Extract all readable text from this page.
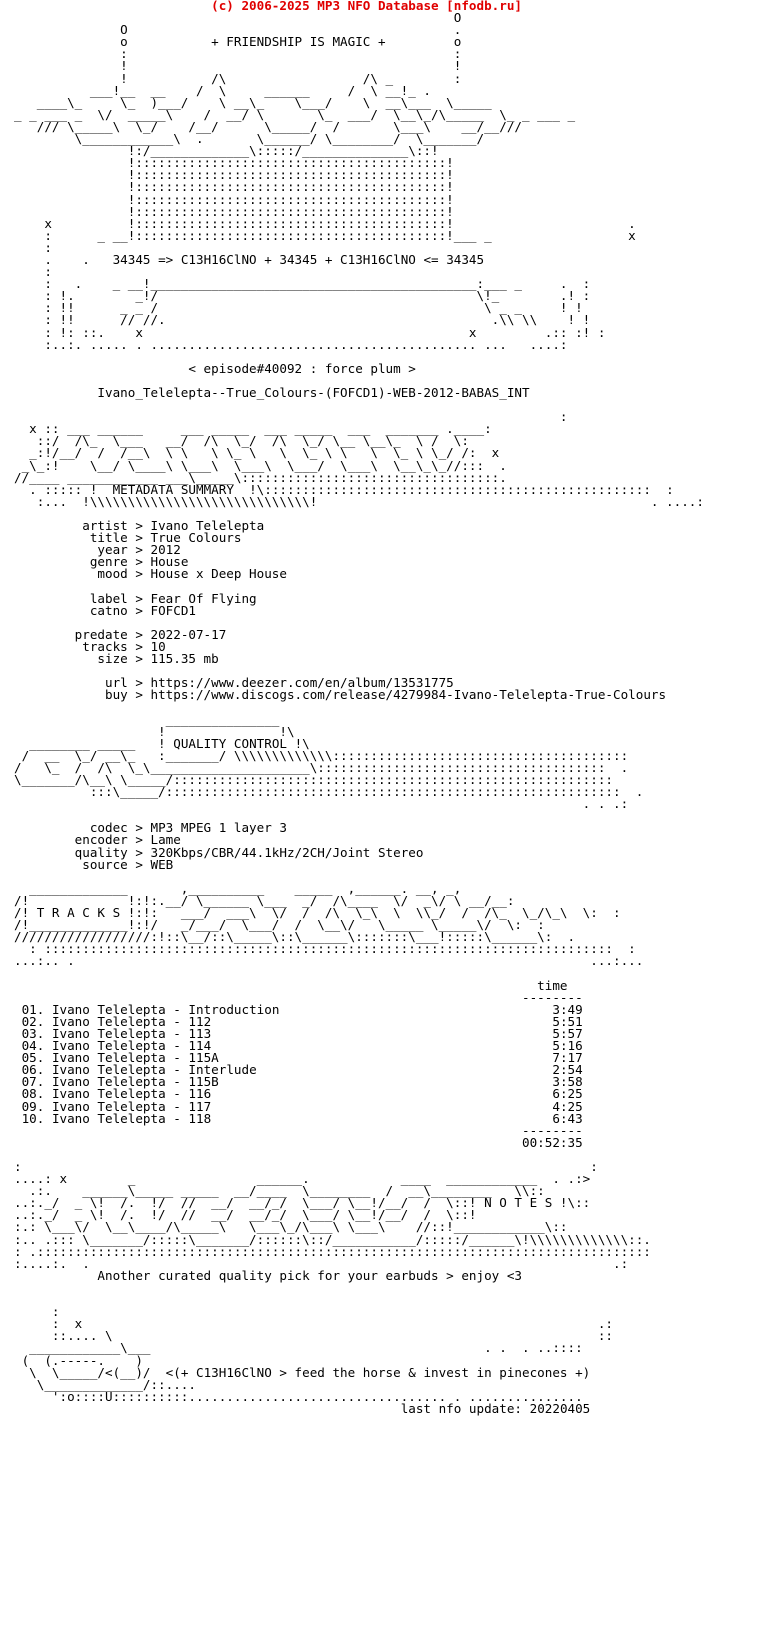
(c) 2006-2025 MP3 NFO Database [nfodb.ru]
O
O                                           .
o           + FRIENDSHIP IS MAGIC +         o
:                                           :
!                                           !
!           /\                  /\ _        :
___!__  __    /  \     ______     /  \ __!_ .
____\_     \_  )___/    \ __\_    \___/    \  __\___  \_____
_ _ ___ _  \/  _____\    /  __/ \       \_  ___/  \__\_/\_____  \_ _ ___ _
/// \_____\  \_/    /__/      \_____/  /       \___\    __/__///
\____________\  .       \______/ \________/  \_______/
!:/_____________\:::::/______________\::!
!:::::::::::::::::::::::::::::::::::::::::!
!:::::::::::::::::::::::::::::::::::::::::!
!:::::::::::::::::::::::::::::::::::::::::!
!:::::::::::::::::::::::::::::::::::::::::!
!:::::::::::::::::::::::::::::::::::::::::!
x          !:::::::::::::::::::::::::::::::::::::::::!                       .
:      _ __!:::::::::::::::::::::::::::::::::::::::::!___ _                  x
:
.    .   34345 => C13H16ClNO + 34345 + C13H16ClNO <= 34345
:
:   .    _ __!___________________________________________:___ _     .  :
: !.        _!/                                          \!_        .! :
: !!      _ _ /                                           \ _ _     ! !
: !!      // //.                                           .\\ \\    ! !
: !: ::.    x                                           x         .:: :! :
:..:. ..... . ........................................... ...   ....:

< episode#40092 : force plum >

Ivano_Telelepta--True_Colours-(FOFCD1)-WEB-2012-BABAS_INT

:
x :: ___ ______     ___ _____  ___ _____  ___  _______ .____:
::/  /\_  \___   __/  /\  \_/  /\  \_/ \__ \__\_  \ /  \:
_:!/__/  /  /__\  \ \   \ \_ \   \  \_ \ \   \  \_ \ \_/ /:  x
_\_:!    \__/ \____\ \___\  \___\  \___/  \___\  \__\_\_//:::  .
//____ ____________ ___\_____\::::::::::::::::::::::::::::::::::.
. ::::: !  METADATA SUMMARY  !\:::::::::::::::::::::::::::::::::::::::::::::::::::  :
:...  !\\\\\\\\\\\\\\\\\\\\\\\\\\\\\!                                            . ....:

artist > Ivano Telelepta
title > True Colours
year > 2012
genre > House
mood > House x Deep House

label > Fear Of Flying
catno > FOFCD1

predate > 2022-07-17
tracks > 10
size > 115.35 mb

url > https://www.deezer.com/en/album/13531775
buy > https://www.discogs.com/release/4279984-Ivano-Telelepta-True-Colours

_______________
!               !\
________ _____   ! QUALITY CONTROL !\
/  __  \_/ __\_   :_______/ \\\\\\\\\\\\\:::::::::::::::::::::::::::::::::::::::
/   \_  /  /\  \_\_____________________\::::::::::::::::::::::::::::::::::::::  .
\_______/\__\ \_____/::::::::::::::::::::::::::::::::::::::::::::::::::::::::::
:::\_____/::::::::::::::::::::::::::::::::::::::::::::::::::::::::::::  .
. . .:

codec > MP3 MPEG 1 layer 3
encoder > Lame
quality > 320Kbps/CBR/44.1kHz/2CH/Joint Stereo
source > WEB

_____________       ,__________    _____  ,______. __, _,
/!             !:!:.__/ \______ \___  _/  /\____  \/  _\/ \ __/__:
/! T R A C K S !:!:   ___/  ___\  \/  /  /\  \_\  \  \\_/  /  /\_  \_/\_\  \:  :
/!_____________!:!/   _/___/  \___/  /  \__\/   \_____ \_____\/  \:  :
//////////////////:!::\__/::\_____\::\______\:::::::\___!:::::\______\:  .
: :::::::::::::::::::::::::::::::::::::::::::::::::::::::::::::::::::::::::::  :
...:.. .                                                                    ...:...

time
--------
01. Ivano Telelepta - Introduction	3:49
02. Ivano Telelepta - 112	5:51
03. Ivano Telelepta - 113	5:57
04. Ivano Telelepta - 114	5:16
05. Ivano Telelepta - 115A	7:17
06. Ivano Telelepta - Interlude	2:54
07. Ivano Telelepta - 115B	3:58
08. Ivano Telelepta - 116	6:25
09. Ivano Telelepta - 117	4:25
10. Ivano Telelepta - 118	6:43
--------
00:52:35

:                                                                           :
....: x        _                ______.            ____  ____________  . .:>
.:.    ______\_____ _____  __/____  \________  /  __\________   \\::
..:._/  _ \!  /.  !/  //  __/  __/_/  \___/ \__!/__/  /  \::! N O T E S !\::
..:._/  _ \!  /.  !/  //  __/  __/_/  \___/ \__!/__/  /  \::!
:.: \___\/  \__\____/\_____\   \___\_/\___\ \___\    //::!____________\::
:.. .::: \_______/:::::\_______/::::::\::/___________/:::::/______\!\\\\\\\\\\\\\::.
: .:::::::::::::::::::::::::::::::::::::::::::::::::::::::::::::::::::::::::::::::::
:....:.  .                                                                     .:
Another curated quality pick for your earbuds > enjoy <3

:
:  x                                                                    .:
::.... \                                                                ::
____________\___                                            . .  . ..::::
(  (.-----.    )
\  \_____/<(__)/ <(+ C13H16ClNO > feed the horse & invest in pinecones +)
\_____________/::....
':o::::U::::::::::.................................. . ...............
last nfo update: 20220405
